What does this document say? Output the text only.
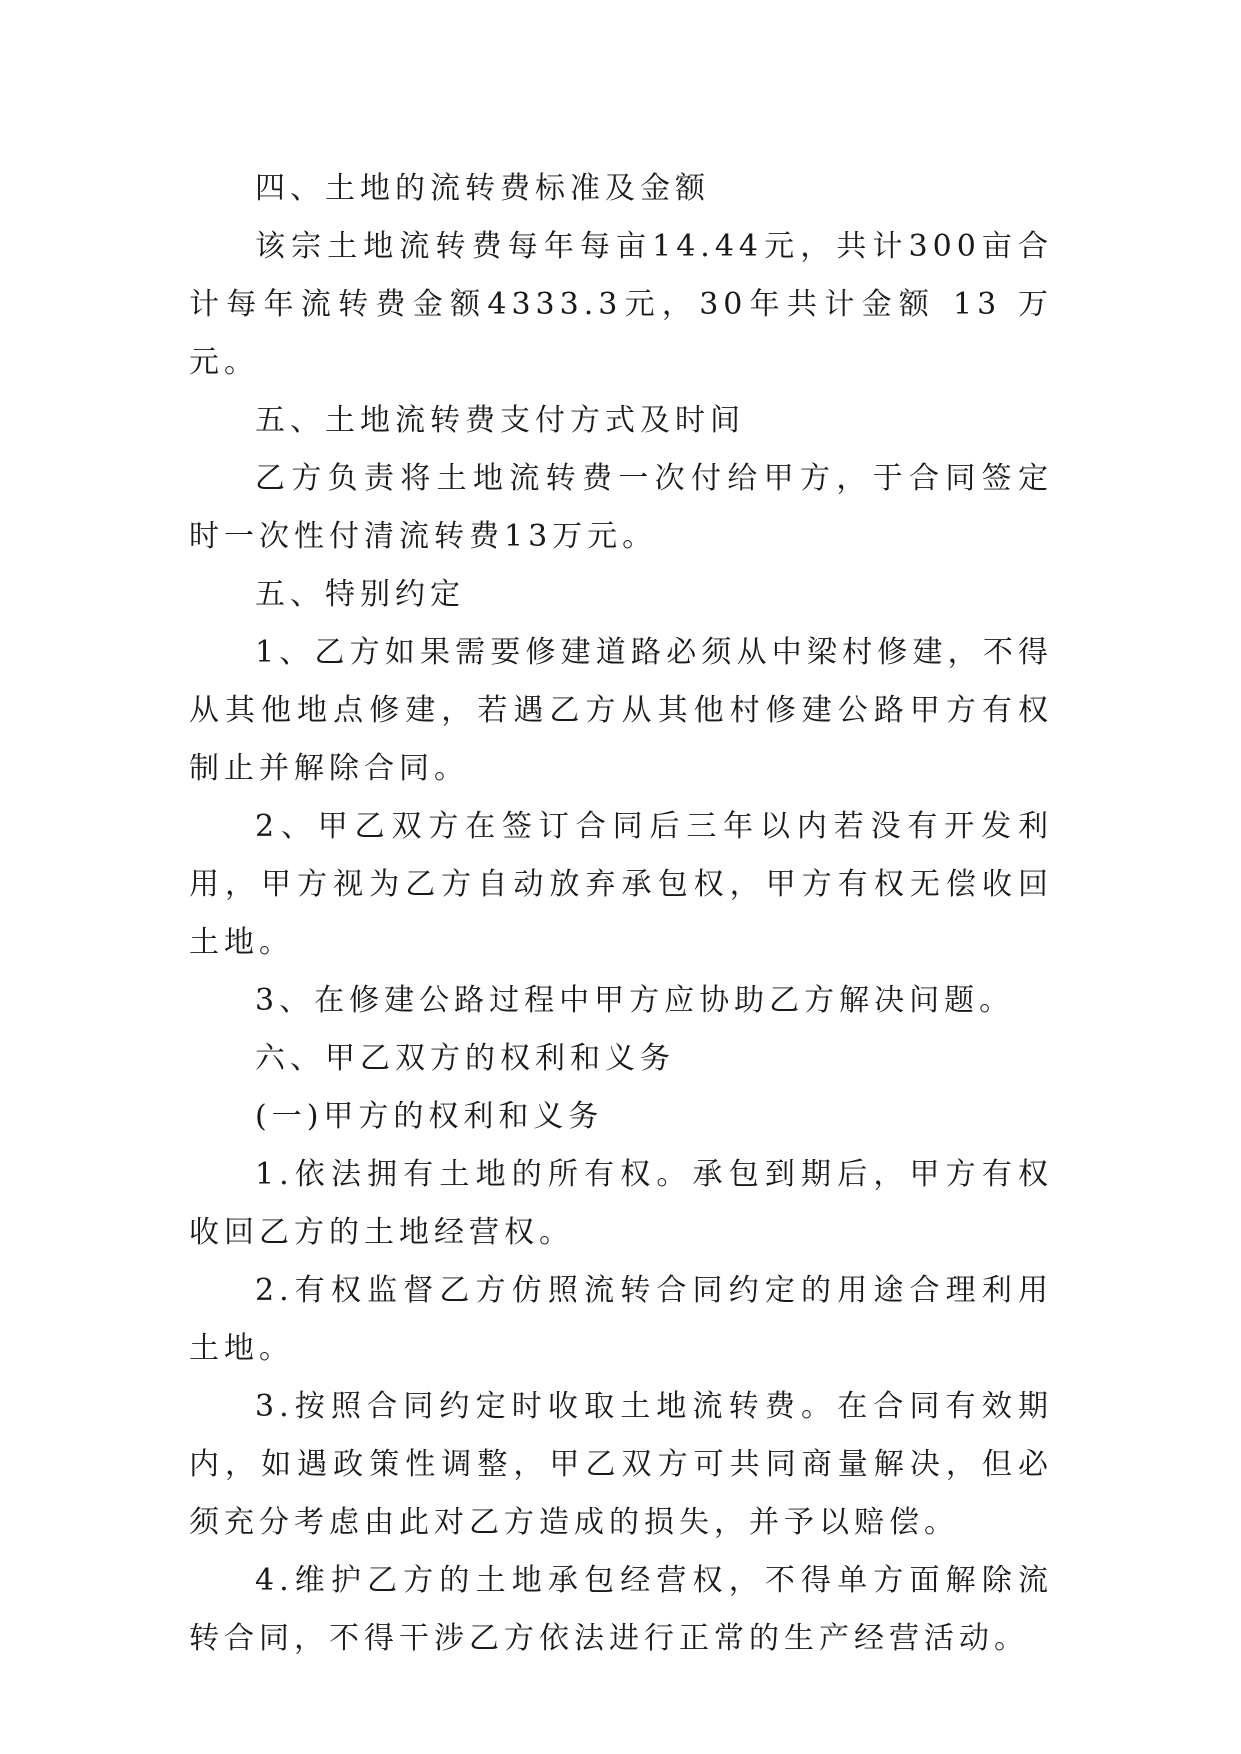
四、土地的流转费标准及金额

该宗土地流转费每年每亩14.44元，共计300亩合计每年流转费金额4333.3元，30年共计金额 13 万元。

五、土地流转费支付方式及时间

乙方负责将土地流转费一次付给甲方，于合同签定时一次性付清流转费13万元。

五、特别约定

1、乙方如果需要修建道路必须从中梁村修建，不得从其他地点修建，若遇乙方从其他村修建公路甲方有权制止并解除合同。

2、甲乙双方在签订合同后三年以内若没有开发利用，甲方视为乙方自动放弃承包权，甲方有权无偿收回土地。

3、在修建公路过程中甲方应协助乙方解决问题。

六、甲乙双方的权利和义务

(一)甲方的权利和义务

1.依法拥有土地的所有权。承包到期后，甲方有权收回乙方的土地经营权。

2.有权监督乙方仿照流转合同约定的用途合理利用土地。

3.按照合同约定时收取土地流转费。在合同有效期内，如遇政策性调整，甲乙双方可共同商量解决，但必须充分考虑由此对乙方造成的损失，并予以赔偿。

4.维护乙方的土地承包经营权，不得单方面解除流转合同，不得干涉乙方依法进行正常的生产经营活动。
